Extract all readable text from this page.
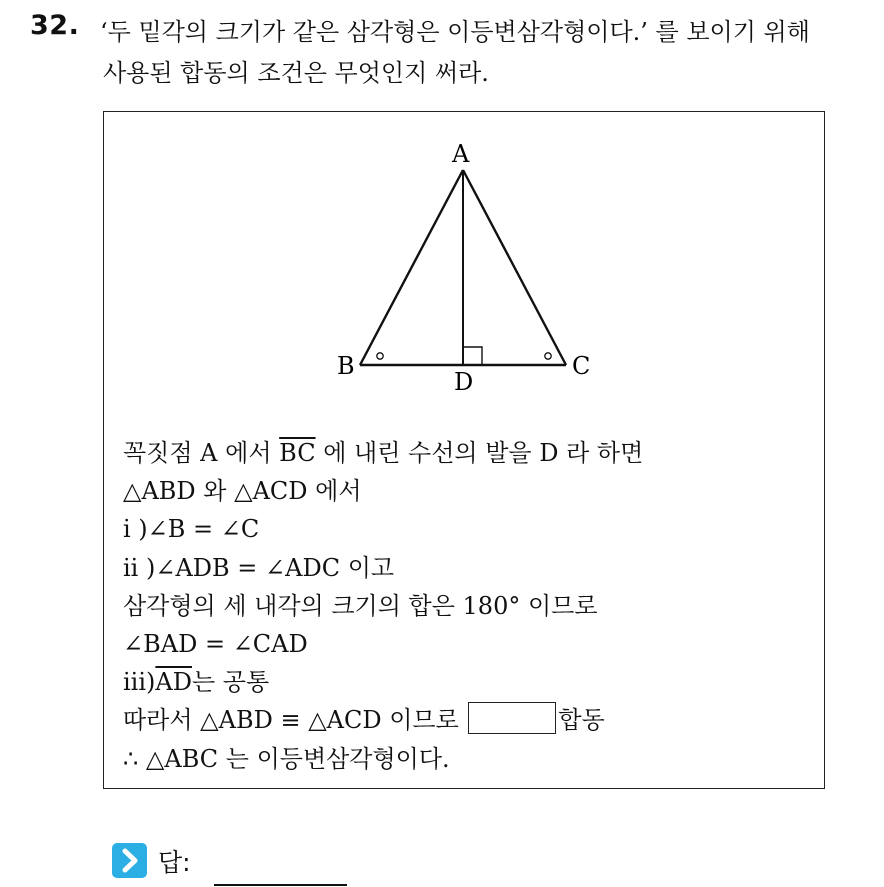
32. ‘두 밑각의 크기가 같은 삼각형은 이등변삼각형이다.’ 를 보이기 위해
사용된 합동의 조건은 무엇인지 써라.
A
B	C
D
꼭짓점 A 에서 $\overline{BC}$ 에 내린 수선의 발을 D 라 하면
△ABD 와 △ACD 에서
i )∠B = ∠C
ii )∠ADB = ∠ADC 이고
삼각형의 세 내각의 크기의 합은 180° 이므로
∠BAD = ∠CAD
$iii)\overline{AD}$는 공통
따라서 △ABD ≡ △ACD 이므로	합동
∴ △ABC 는 이등변삼각형이다.
답:
